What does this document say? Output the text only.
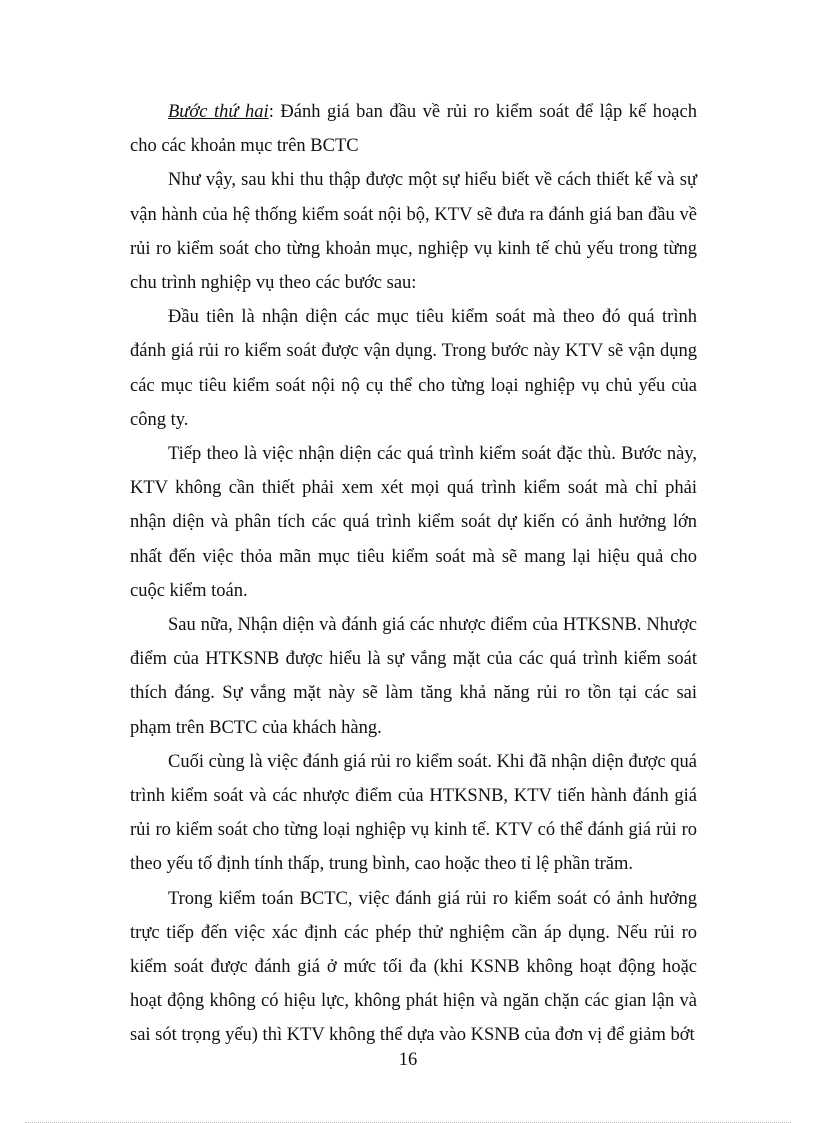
Bước thứ hai: Đánh giá ban đầu về rủi ro kiểm soát để lập kế hoạch cho các khoản mục trên BCTC

Như vậy, sau khi thu thập được một sự hiểu biết về cách thiết kế và sự vận hành của hệ thống kiểm soát nội bộ, KTV sẽ đưa ra đánh giá ban đầu về rủi ro kiểm soát cho từng khoản mục, nghiệp vụ kinh tế chủ yếu trong từng chu trình nghiệp vụ theo các bước sau:

Đầu tiên là nhận diện các mục tiêu kiểm soát mà theo đó quá trình đánh giá rủi ro kiểm soát được vận dụng. Trong bước này KTV sẽ vận dụng các mục tiêu kiểm soát nội nộ cụ thể cho từng loại nghiệp vụ chủ yếu của công ty.

Tiếp theo là việc nhận diện các quá trình kiểm soát đặc thù. Bước này, KTV không cần thiết phải xem xét mọi quá trình kiểm soát mà chỉ phải nhận diện và phân tích các quá trình kiểm soát dự kiến có ảnh hưởng lớn nhất đến việc thỏa mãn mục tiêu kiểm soát mà sẽ mang lại hiệu quả cho cuộc kiểm toán.

Sau nữa, Nhận diện và đánh giá các nhược điểm của HTKSNB. Nhược điểm của HTKSNB được hiểu là sự vắng mặt của các quá trình kiểm soát thích đáng. Sự vắng mặt này sẽ làm tăng khả năng rủi ro tồn tại các sai phạm trên BCTC của khách hàng.

Cuối cùng là việc đánh giá rủi ro kiểm soát. Khi đã nhận diện được quá trình kiểm soát và các nhược điểm của HTKSNB, KTV tiến hành đánh giá rủi ro kiểm soát cho từng loại nghiệp vụ kinh tế. KTV có thể đánh giá rủi ro theo yếu tố định tính thấp, trung bình, cao hoặc theo tỉ lệ phần trăm.

Trong kiểm toán BCTC, việc đánh giá rủi ro kiểm soát có ảnh hưởng trực tiếp đến việc xác định các phép thử nghiệm cần áp dụng. Nếu rủi ro kiểm soát được đánh giá ở mức tối đa (khi KSNB không hoạt động hoặc hoạt động không có hiệu lực, không phát hiện và ngăn chặn các gian lận và sai sót trọng yếu) thì KTV không thể dựa vào KSNB của đơn vị để giảm bớt

16
